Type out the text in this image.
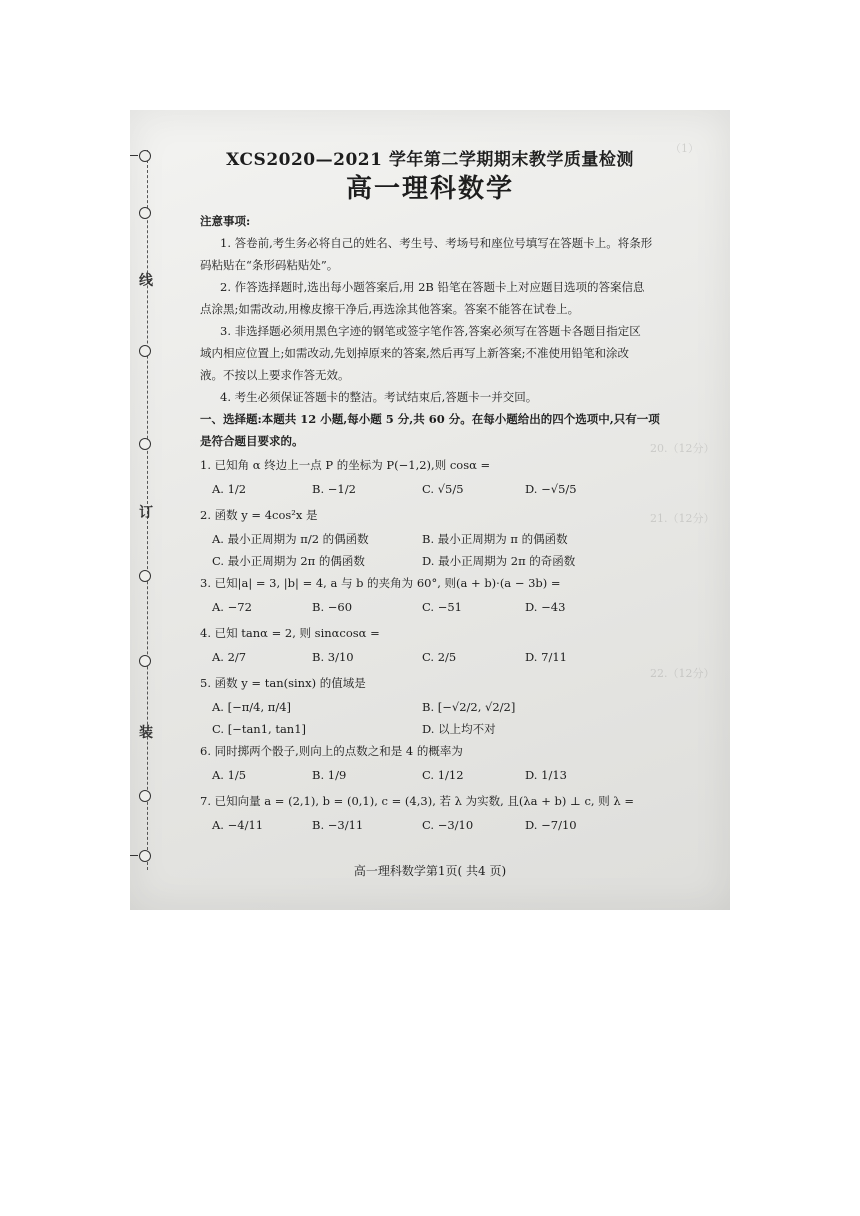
（1）
20.（12分）
21.（12分）
22.（12分）
线
订
装
XCS2020—2021 学年第二学期期末教学质量检测
高一理科数学
注意事项:
1. 答卷前,考生务必将自己的姓名、考生号、考场号和座位号填写在答题卡上。将条形
码粘贴在“条形码粘贴处”。
2. 作答选择题时,选出每小题答案后,用 2B 铅笔在答题卡上对应题目选项的答案信息
点涂黑;如需改动,用橡皮擦干净后,再选涂其他答案。答案不能答在试卷上。
3. 非选择题必须用黑色字迹的钢笔或签字笔作答,答案必须写在答题卡各题目指定区
域内相应位置上;如需改动,先划掉原来的答案,然后再写上新答案;不准使用铅笔和涂改
液。不按以上要求作答无效。
4. 考生必须保证答题卡的整洁。考试结束后,答题卡一并交回。
一、选择题:本题共 12 小题,每小题 5 分,共 60 分。在每小题给出的四个选项中,只有一项
是符合题目要求的。
1. 已知角 α 终边上一点 P 的坐标为 P(−1,2),则 cosα =
A. 1/2	B. −1/2	C. √5/5	D. −√5/5
2. 函数 y = 4cos²x 是
A. 最小正周期为 π/2 的偶函数	B. 最小正周期为 π 的偶函数
C. 最小正周期为 2π 的偶函数	D. 最小正周期为 2π 的奇函数
3. 已知|a| = 3, |b| = 4, a 与 b 的夹角为 60°, 则(a + b)·(a − 3b) =
A. −72	B. −60	C. −51	D. −43
4. 已知 tanα = 2, 则 sinαcosα =
A. 2/7	B. 3/10	C. 2/5	D. 7/11
5. 函数 y = tan(sinx) 的值域是
A. [−π/4, π/4]	B. [−√2/2, √2/2]
C. [−tan1, tan1]	D. 以上均不对
6. 同时掷两个骰子,则向上的点数之和是 4 的概率为
A. 1/5	B. 1/9	C. 1/12	D. 1/13
7. 已知向量 a = (2,1), b = (0,1), c = (4,3), 若 λ 为实数, 且(λa + b) ⊥ c, 则 λ =
A. −4/11	B. −3/11	C. −3/10	D. −7/10
高一理科数学第1页( 共4 页)
